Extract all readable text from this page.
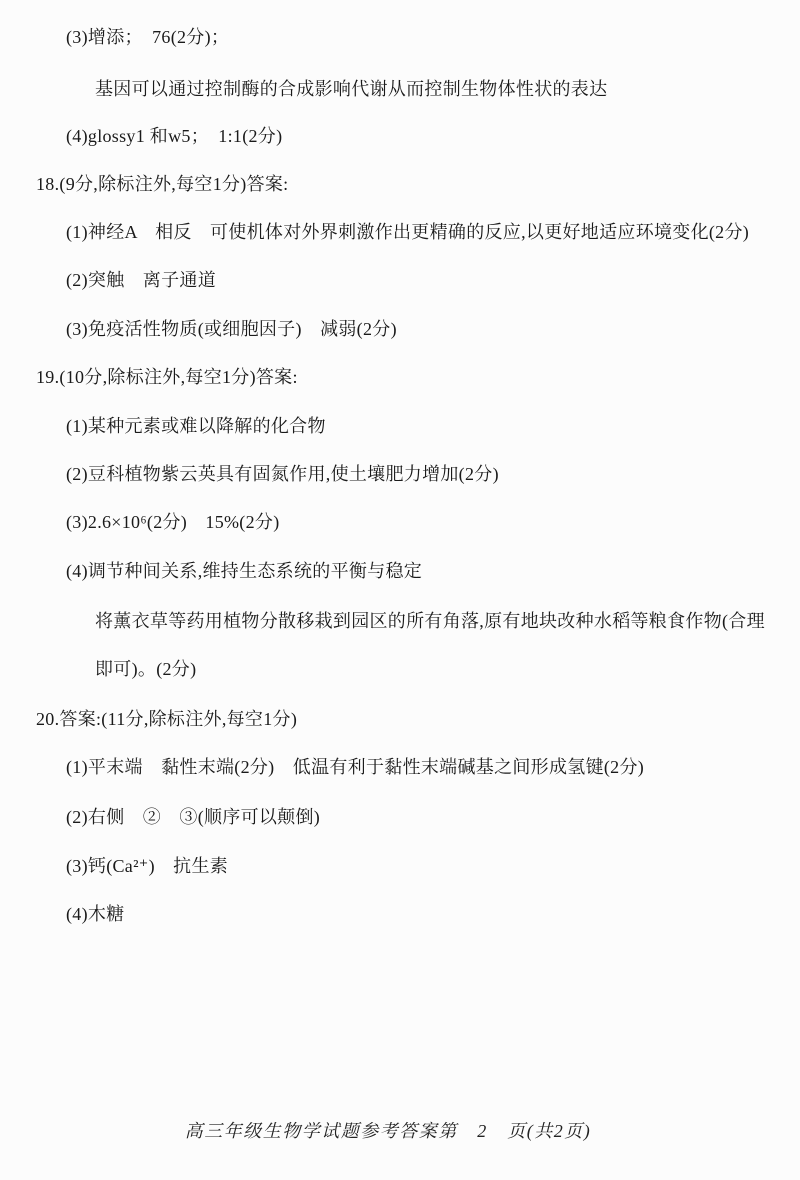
(3)增添；　76(2分)；
基因可以通过控制酶的合成影响代谢从而控制生物体性状的表达
(4)glossy1 和w5；　1:1(2分)
18.(9分,除标注外,每空1分)答案:
(1)神经A　相反　可使机体对外界刺激作出更精确的反应,以更好地适应环境变化(2分)
(2)突触　离子通道
(3)免疫活性物质(或细胞因子)　减弱(2分)
19.(10分,除标注外,每空1分)答案:
(1)某种元素或难以降解的化合物
(2)豆科植物紫云英具有固氮作用,使土壤肥力增加(2分)
(3)2.6×10⁶(2分)　15%(2分)
(4)调节种间关系,维持生态系统的平衡与稳定
将薰衣草等药用植物分散移栽到园区的所有角落,原有地块改种水稻等粮食作物(合理
即可)。(2分)
20.答案:(11分,除标注外,每空1分)
(1)平末端　黏性末端(2分)　低温有利于黏性末端碱基之间形成氢键(2分)
(2)右侧　②　③(顺序可以颠倒)
(3)钙(Ca²⁺)　抗生素
(4)木糖
高三年级生物学试题参考答案第　2　页(共2页)
